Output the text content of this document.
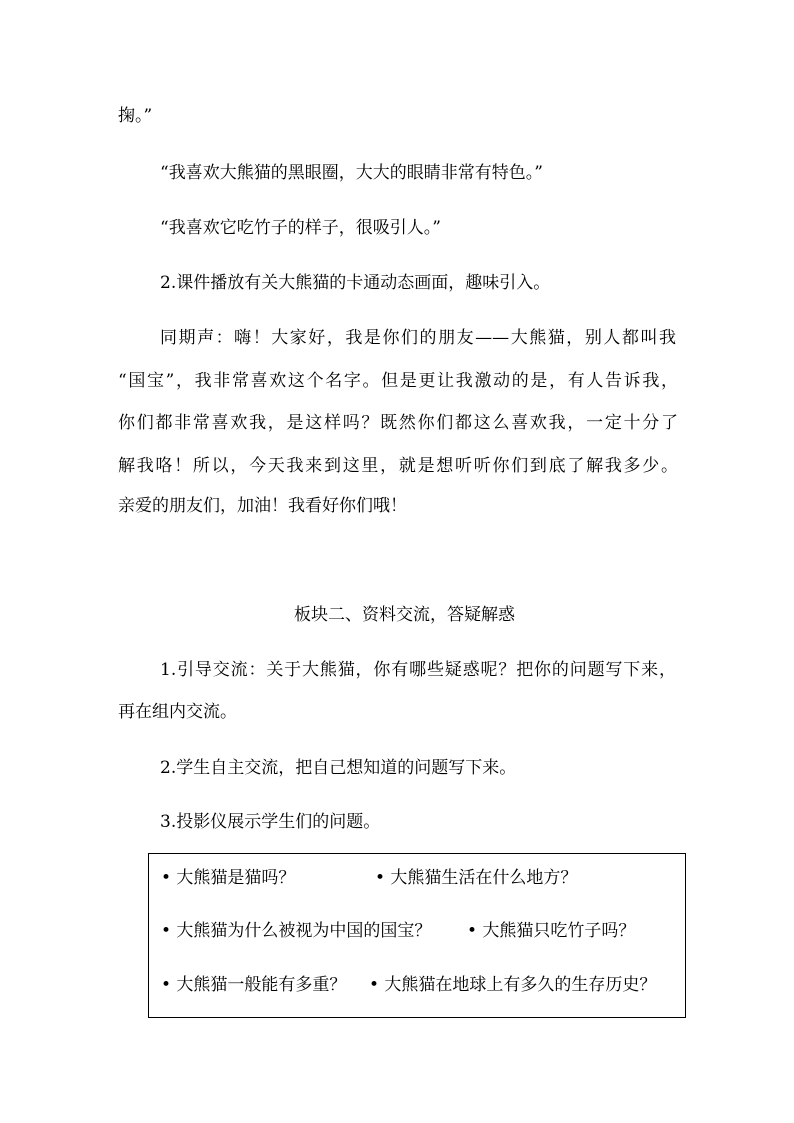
掬。”
“我喜欢大熊猫的黑眼圈，大大的眼睛非常有特色。”
“我喜欢它吃竹子的样子，很吸引人。”
2.课件播放有关大熊猫的卡通动态画面，趣味引入。
同期声：嗨！大家好，我是你们的朋友——大熊猫，别人都叫我
“国宝”，我非常喜欢这个名字。但是更让我激动的是，有人告诉我，
你们都非常喜欢我，是这样吗？既然你们都这么喜欢我，一定十分了
解我咯！所以，今天我来到这里，就是想听听你们到底了解我多少。
亲爱的朋友们，加油！我看好你们哦！
板块二、资料交流，答疑解惑
1.引导交流：关于大熊猫，你有哪些疑惑呢？把你的问题写下来，
再在组内交流。
2.学生自主交流，把自己想知道的问题写下来。
3.投影仪展示学生们的问题。
• 大熊猫是猫吗？	• 大熊猫生活在什么地方？
• 大熊猫为什么被视为中国的国宝？ • 大熊猫只吃竹子吗？
• 大熊猫一般能有多重？ • 大熊猫在地球上有多久的生存历史？
